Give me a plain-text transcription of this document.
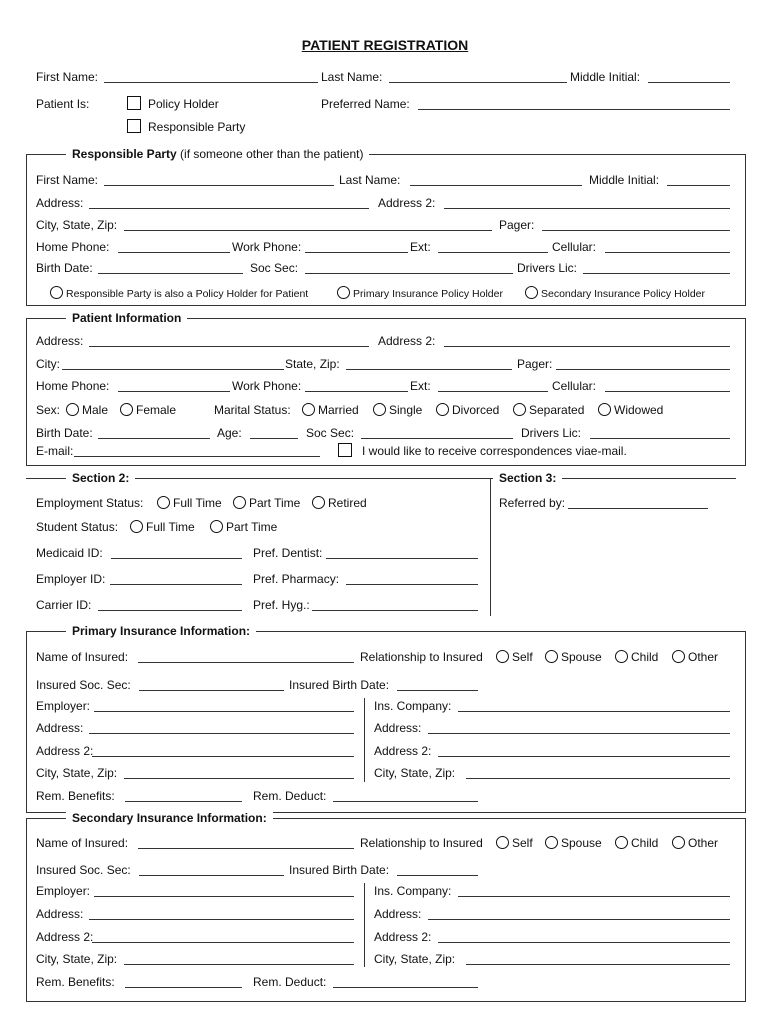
PATIENT REGISTRATION
First Name:	Last Name:	Middle Initial:
Patient Is:	Policy Holder
Responsible Party
Preferred Name:
Responsible Party (if someone other than the patient)
First Name:	Last Name:	Middle Initial:
Address:	Address 2:
City, State, Zip:	Pager:
Home Phone:	Work Phone:	Ext:	Cellular:
Birth Date:	Soc Sec:	Drivers Lic:
Responsible Party is also a Policy Holder for Patient	Primary Insurance Policy Holder	Secondary Insurance Policy Holder
Patient Information
Address:	Address 2:
City:	State, Zip:	Pager:
Home Phone:	Work Phone:	Ext:	Cellular:
Sex:	Male	Female	Marital Status:	Married	Single	Divorced	Separated	Widowed
Birth Date:	Age:	Soc Sec:	Drivers Lic:
E-mail:	I would like to receive correspondences viae-mail.
Section 2:
Employment Status:	Full Time	Part Time	Retired
Student Status:	Full Time	Part Time
Medicaid ID:	Pref. Dentist:
Employer ID:	Pref. Pharmacy:
Carrier ID:	Pref. Hyg.:
Section 3:
Referred by:
Primary Insurance Information:
Name of Insured:	Relationship to Insured	Self	Spouse	Child	Other
Insured Soc. Sec:	Insured Birth Date:
Employer:	Ins. Company:
Address:	Address:
Address 2:	Address 2:
City, State, Zip:	City, State, Zip:
Rem. Benefits:	Rem. Deduct:
Secondary Insurance Information:
Name of Insured:	Relationship to Insured	Self	Spouse	Child	Other
Insured Soc. Sec:	Insured Birth Date:
Employer:	Ins. Company:
Address:	Address:
Address 2:	Address 2:
City, State, Zip:	City, State, Zip:
Rem. Benefits:	Rem. Deduct:
